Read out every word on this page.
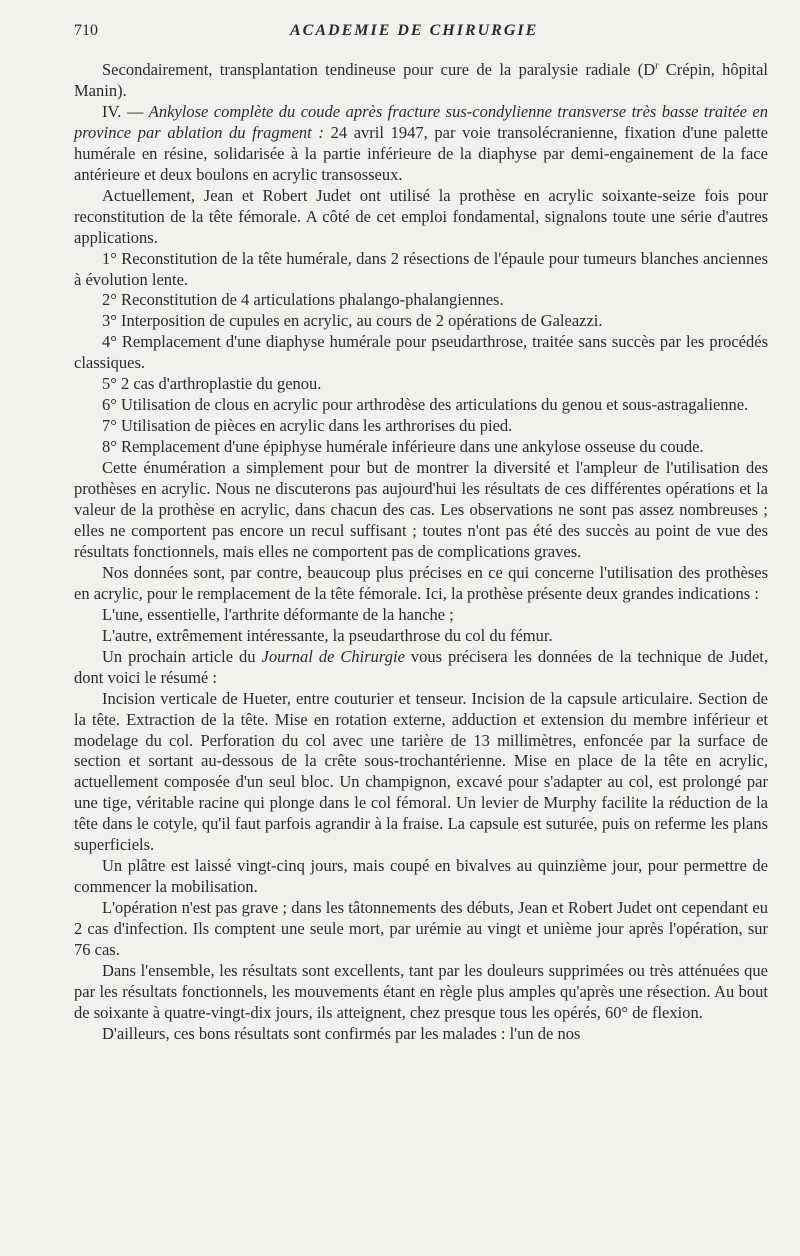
710	ACADEMIE DE CHIRURGIE

Secondairement, transplantation tendineuse pour cure de la paralysie radiale ($D^r$ Crépin, hôpital Manin).

IV. — Ankylose complète du coude après fracture sus-condylienne transverse très basse traitée en province par ablation du fragment : 24 avril 1947, par voie transolécranienne, fixation d'une palette humérale en résine, solidarisée à la partie inférieure de la diaphyse par demi-engainement de la face antérieure et deux boulons en acrylic transosseux.

Actuellement, Jean et Robert Judet ont utilisé la prothèse en acrylic soixante-seize fois pour reconstitution de la tête fémorale. A côté de cet emploi fondamental, signalons toute une série d'autres applications.

1° Reconstitution de la tête humérale, dans 2 résections de l'épaule pour tumeurs blanches anciennes à évolution lente.

2° Reconstitution de 4 articulations phalango-phalangiennes.

3° Interposition de cupules en acrylic, au cours de 2 opérations de Galeazzi.

4° Remplacement d'une diaphyse humérale pour pseudarthrose, traitée sans succès par les procédés classiques.

5° 2 cas d'arthroplastie du genou.

6° Utilisation de clous en acrylic pour arthrodèse des articulations du genou et sous-astragalienne.

7° Utilisation de pièces en acrylic dans les arthrorises du pied.

8° Remplacement d'une épiphyse humérale inférieure dans une ankylose osseuse du coude.

Cette énumération a simplement pour but de montrer la diversité et l'ampleur de l'utilisation des prothèses en acrylic. Nous ne discuterons pas aujourd'hui les résultats de ces différentes opérations et la valeur de la prothèse en acrylic, dans chacun des cas. Les observations ne sont pas assez nombreuses ; elles ne comportent pas encore un recul suffisant ; toutes n'ont pas été des succès au point de vue des résultats fonctionnels, mais elles ne comportent pas de complications graves.

Nos données sont, par contre, beaucoup plus précises en ce qui concerne l'utilisation des prothèses en acrylic, pour le remplacement de la tête fémorale. Ici, la prothèse présente deux grandes indications :

L'une, essentielle, l'arthrite déformante de la hanche ;

L'autre, extrêmement intéressante, la pseudarthrose du col du fémur.

Un prochain article du Journal de Chirurgie vous précisera les données de la technique de Judet, dont voici le résumé :

Incision verticale de Hueter, entre couturier et tenseur. Incision de la capsule articulaire. Section de la tête. Extraction de la tête. Mise en rotation externe, adduction et extension du membre inférieur et modelage du col. Perforation du col avec une tarière de 13 millimètres, enfoncée par la surface de section et sortant au-dessous de la crête sous-trochantérienne. Mise en place de la tête en acrylic, actuellement composée d'un seul bloc. Un champignon, excavé pour s'adapter au col, est prolongé par une tige, véritable racine qui plonge dans le col fémoral. Un levier de Murphy facilite la réduction de la tête dans le cotyle, qu'il faut parfois agrandir à la fraise. La capsule est suturée, puis on referme les plans superficiels.

Un plâtre est laissé vingt-cinq jours, mais coupé en bivalves au quinzième jour, pour permettre de commencer la mobilisation.

L'opération n'est pas grave ; dans les tâtonnements des débuts, Jean et Robert Judet ont cependant eu 2 cas d'infection. Ils comptent une seule mort, par urémie au vingt et unième jour après l'opération, sur 76 cas.

Dans l'ensemble, les résultats sont excellents, tant par les douleurs supprimées ou très atténuées que par les résultats fonctionnels, les mouvements étant en règle plus amples qu'après une résection. Au bout de soixante à quatre-vingt-dix jours, ils atteignent, chez presque tous les opérés, 60° de flexion.

D'ailleurs, ces bons résultats sont confirmés par les malades : l'un de nos
